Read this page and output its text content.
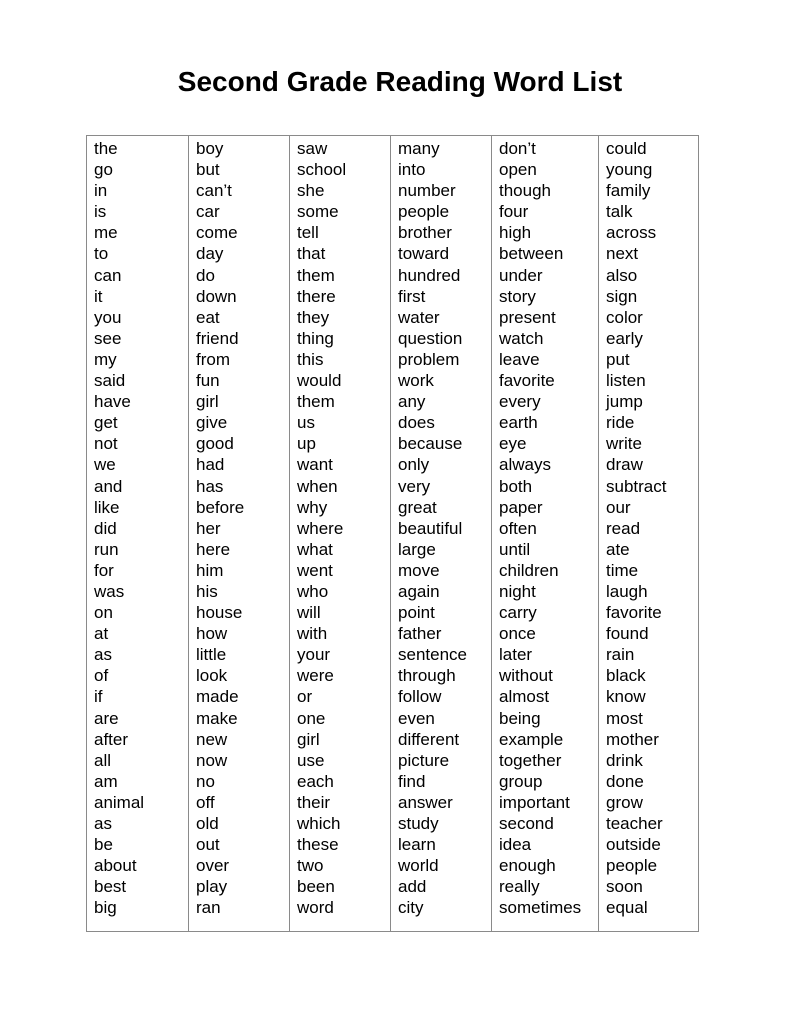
Second Grade Reading Word List
the
go
in
is
me
to
can
it
you
see
my
said
have
get
not
we
and
like
did
run
for
was
on
at
as
of
if
are
after
all
am
animal
as
be
about
best
big
boy
but
can’t
car
come
day
do
down
eat
friend
from
fun
girl
give
good
had
has
before
her
here
him
his
house
how
little
look
made
make
new
now
no
off
old
out
over
play
ran
saw
school
she
some
tell
that
them
there
they
thing
this
would
them
us
up
want
when
why
where
what
went
who
will
with
your
were
or
one
girl
use
each
their
which
these
two
been
word
many
into
number
people
brother
toward
hundred
first
water
question
problem
work
any
does
because
only
very
great
beautiful
large
move
again
point
father
sentence
through
follow
even
different
picture
find
answer
study
learn
world
add
city
don’t
open
though
four
high
between
under
story
present
watch
leave
favorite
every
earth
eye
always
both
paper
often
until
children
night
carry
once
later
without
almost
being
example
together
group
important
second
idea
enough
really
sometimes
could
young
family
talk
across
next
also
sign
color
early
put
listen
jump
ride
write
draw
subtract
our
read
ate
time
laugh
favorite
found
rain
black
know
most
mother
drink
done
grow
teacher
outside
people
soon
equal
